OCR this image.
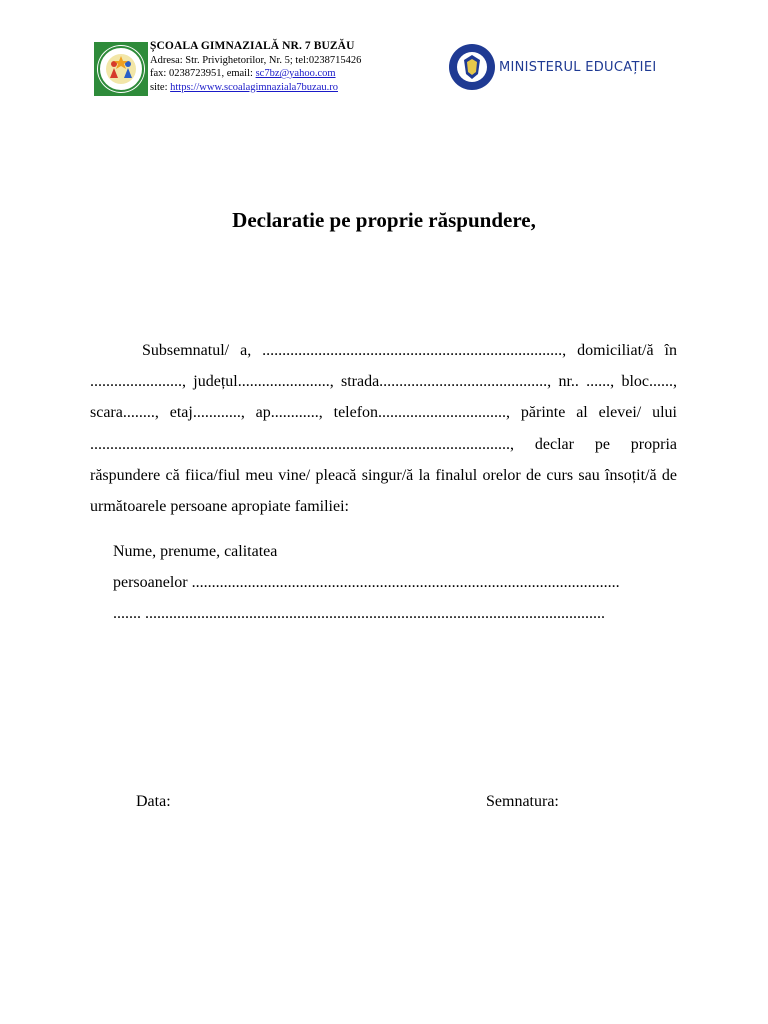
ȘCOALA GIMNAZIALĂ NR. 7 BUZĂU
Adresa: Str. Privighetorilor, Nr. 5; tel:0238715426
fax: 0238723951, email: sc7bz@yahoo.com
site: https://www.scoalagimnaziala7buzau.ro
MINISTERUL EDUCAȚIEI
Declaratie pe proprie răspundere,

Subsemnatul/ a, ..........................................................................., domiciliat/ă în ......................., județul......................., strada.........................................., nr.. ......, bloc......, scara........, etaj............, ap............, telefon................................, părinte al elevei/ ului ........................................................................................................., declar pe propria răspundere că fiica/fiul meu vine/ pleacă singur/ă la finalul orelor de curs sau însoțit/ă de următoarele persoane apropiate familiei:

Nume, prenume, calitatea
persoanelor ...........................................................................................................
....... ...................................................................................................................
Data:	Semnatura:
